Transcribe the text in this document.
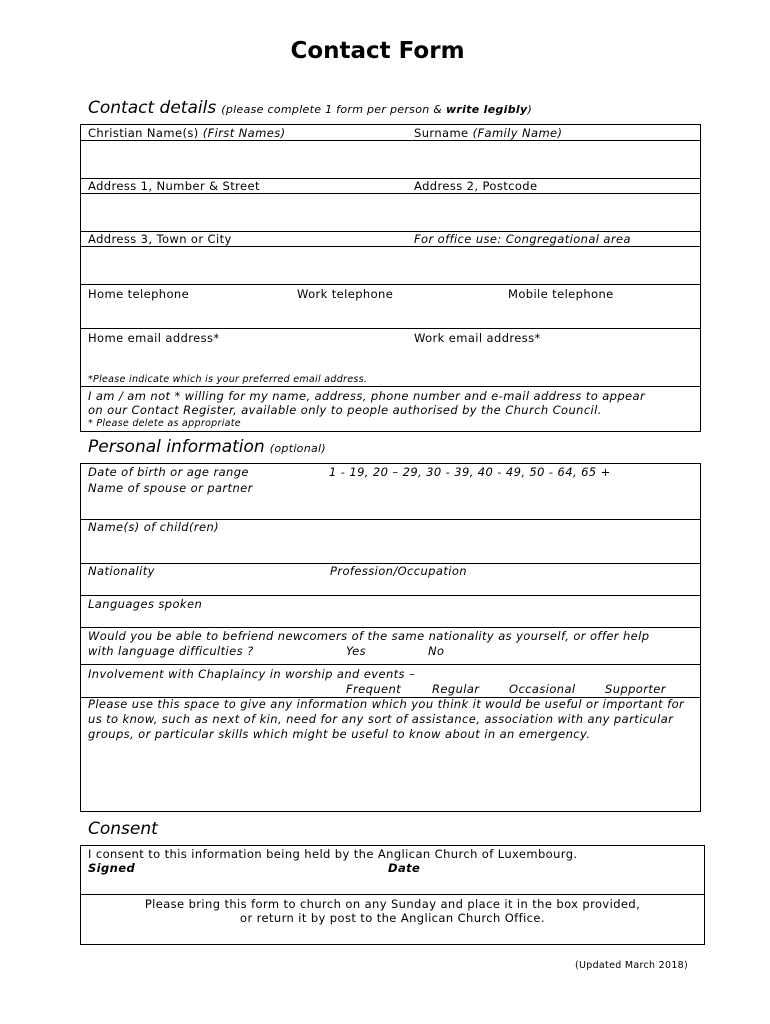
Contact Form
Contact details (please complete 1 form per person & write legibly)
Christian Name(s) (First Names)	Surname (Family Name)
Address 1, Number & Street	Address 2, Postcode
Address 3, Town or City	For office use: Congregational area
Home telephone	Work telephone	Mobile telephone
Home email address*	Work email address*
*Please indicate which is your preferred email address.
I am / am not * willing for my name, address, phone number and e-mail address to appear
on our Contact Register, available only to people authorised by the Church Council.
* Please delete as appropriate
Personal information (optional)
Date of birth or age range	1 - 19, 20 – 29, 30 - 39, 40 - 49, 50 - 64, 65 +
Name of spouse or partner
Name(s) of child(ren)
Nationality	Profession/Occupation
Languages spoken
Would you be able to befriend newcomers of the same nationality as yourself, or offer help
with language difficulties ?	Yes	No
Involvement with Chaplaincy in worship and events –
Frequent	Regular	Occasional	Supporter
Please use this space to give any information which you think it would be useful or important for us to know, such as next of kin, need for any sort of assistance, association with any particular groups, or particular skills which might be useful to know about in an emergency.
Consent
I consent to this information being held by the Anglican Church of Luxembourg.
Signed	Date
Please bring this form to church on any Sunday and place it in the box provided,
or return it by post to the Anglican Church Office.
(Updated March 2018)
